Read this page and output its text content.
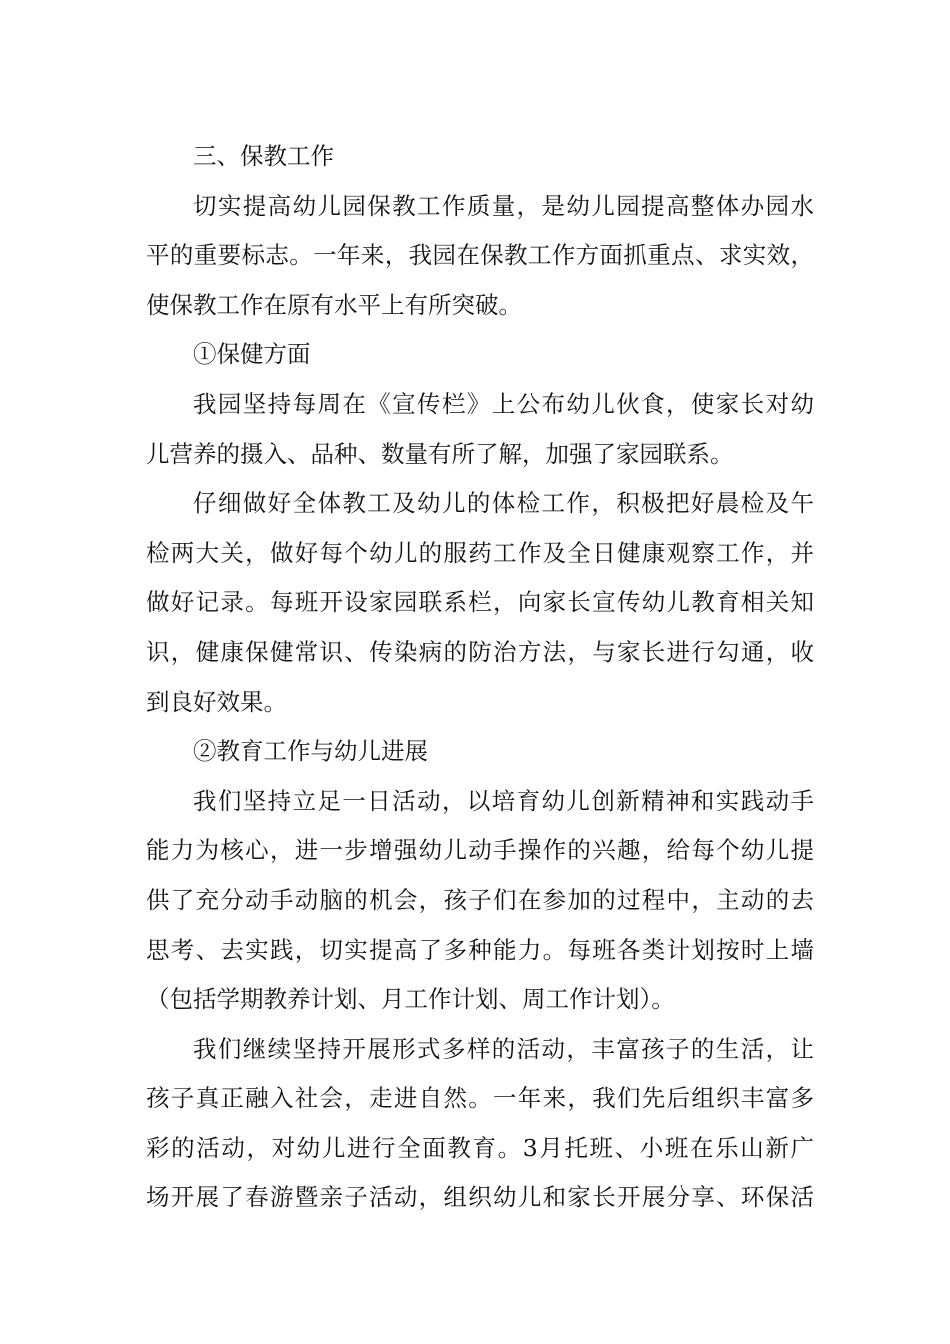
三、保教工作
切实提高幼儿园保教工作质量，是幼儿园提高整体办园水
平的重要标志。一年来，我园在保教工作方面抓重点、求实效，
使保教工作在原有水平上有所突破。
①保健方面
我园坚持每周在《宣传栏》上公布幼儿伙食，使家长对幼
儿营养的摄入、品种、数量有所了解，加强了家园联系。
仔细做好全体教工及幼儿的体检工作，积极把好晨检及午
检两大关，做好每个幼儿的服药工作及全日健康观察工作，并
做好记录。每班开设家园联系栏，向家长宣传幼儿教育相关知
识，健康保健常识、传染病的防治方法，与家长进行勾通，收
到良好效果。
②教育工作与幼儿进展
我们坚持立足一日活动，以培育幼儿创新精神和实践动手
能力为核心，进一步增强幼儿动手操作的兴趣，给每个幼儿提
供了充分动手动脑的机会，孩子们在参加的过程中，主动的去
思考、去实践，切实提高了多种能力。每班各类计划按时上墙
（包括学期教养计划、月工作计划、周工作计划）。
我们继续坚持开展形式多样的活动，丰富孩子的生活，让
孩子真正融入社会，走进自然。一年来，我们先后组织丰富多
彩的活动，对幼儿进行全面教育。3月托班、小班在乐山新广
场开展了春游暨亲子活动，组织幼儿和家长开展分享、环保活
